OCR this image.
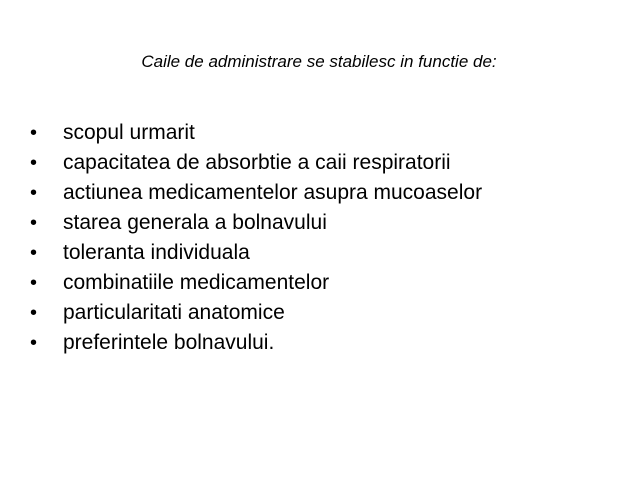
Caile de administrare se stabilesc in functie de:
•	scopul urmarit
•	capacitatea de absorbtie a caii respiratorii
•	actiunea medicamentelor asupra mucoaselor
•	starea generala a bolnavului
•	toleranta individuala
•	combinatiile medicamentelor
•	particularitati anatomice
•	preferintele bolnavului.
